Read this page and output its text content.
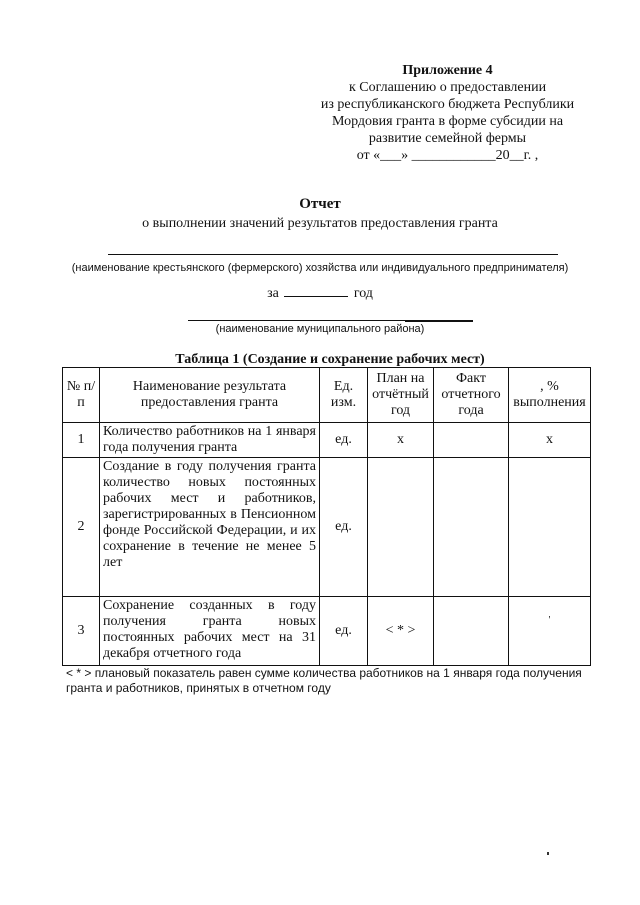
Приложение 4
к Соглашению о предоставлении
из республиканского бюджета Республики
Мордовия гранта в форме субсидии на
развитие семейной фермы
от «___» ____________20__г. ,
Отчет
о выполнении значений результатов предоставления гранта
(наименование крестьянского (фермерского) хозяйства или индивидуального предпринимателя)
за	год
(наименование муниципального района)
Таблица 1 (Создание и сохранение рабочих мест)
№ п/п	Наименование результата предоставления гранта	Ед. изм.	План на отчётный год	Факт отчетного года	, % выполнения
1	Количество работников на 1 января года получения гранта	ед.	x		x
2	Создание в году получения гранта количество новых постоянных рабочих мест и работников, зарегистрированных в Пенсионном фонде Российской Федерации, и их сохранение в течение не менее 5 лет	ед.			
3	Сохранение созданных в году получения гранта новых постоянных рабочих мест на 31 декабря отчетного года	ед.	< * >		'
< * > плановый показатель равен сумме количества работников на 1 января года получения гранта и работников, принятых в отчетном году
